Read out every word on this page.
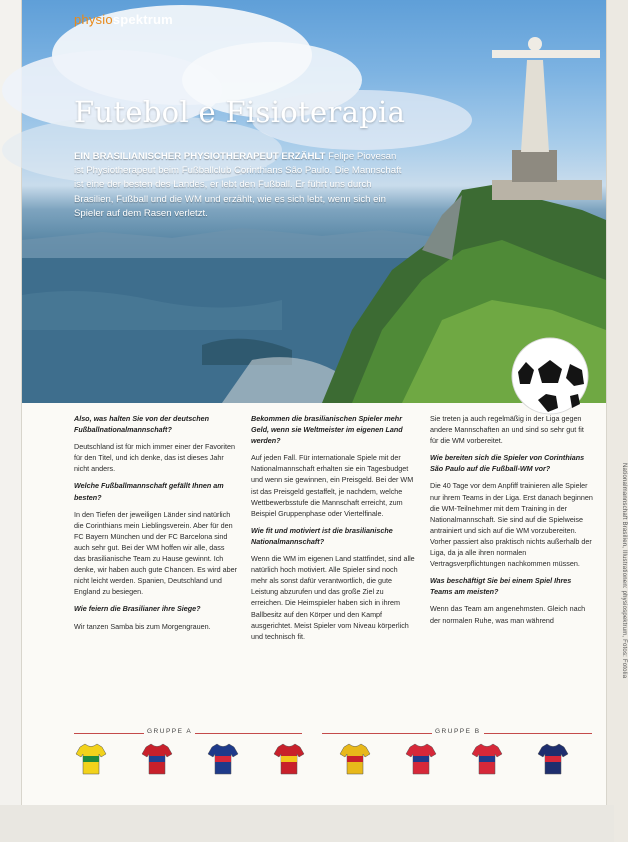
physiospektrum
Futebol e Fisioterapia
EIN BRASILIANISCHER PHYSIOTHERAPEUT ERZÄHLT Felipe Piovesan ist Physiotherapeut beim Fußballclub Corinthians São Paulo. Die Mannschaft ist eine der besten des Landes, er lebt den Fußball. Er führt uns durch Brasilien, Fußball und die WM und erzählt, wie es sich lebt, wenn sich ein Spieler auf dem Rasen verletzt.

Also, was halten Sie von der deutschen Fußballnationalmannschaft?

Deutschland ist für mich immer einer der Favoriten für den Titel, und ich denke, das ist dieses Jahr nicht anders.

Welche Fußballmannschaft gefällt Ihnen am besten?

In den Tiefen der jeweiligen Länder sind natürlich die Corinthians mein Lieblingsverein. Aber für den FC Bayern München und der FC Barcelona sind auch sehr gut. Bei der WM hoffen wir alle, dass das brasilianische Team zu Hause gewinnt. Ich denke, wir haben auch gute Chancen. Es wird aber nicht leicht werden. Spanien, Deutschland und England zu besiegen.

Wie feiern die Brasilianer ihre Siege?

Wir tanzen Samba bis zum Morgengrauen.

Bekommen die brasilianischen Spieler mehr Geld, wenn sie Weltmeister im eigenen Land werden?

Auf jeden Fall. Für internationale Spiele mit der Nationalmannschaft erhalten sie ein Tagesbudget und wenn sie gewinnen, ein Preisgeld. Bei der WM ist das Preisgeld gestaffelt, je nachdem, welche Wettbewerbsstufe die Mannschaft erreicht, zum Beispiel Gruppenphase oder Viertelfinale.

Wie fit und motiviert ist die brasilianische Nationalmannschaft?

Wenn die WM im eigenen Land stattfindet, sind alle natürlich hoch motiviert. Alle Spieler sind noch mehr als sonst dafür verantwortlich, die gute Leistung abzurufen und das große Ziel zu erreichen. Die Heimspieler haben sich in ihrem Ballbesitz auf den Körper und den Kampf ausgerichtet. Meist Spieler vom Niveau körperlich und technisch fit.

Sie treten ja auch regelmäßig in der Liga gegen andere Mannschaften an und sind so sehr gut fit für die WM vorbereitet.

Wie bereiten sich die Spieler von Corinthians São Paulo auf die Fußball-WM vor?

Die 40 Tage vor dem Anpfiff trainieren alle Spieler nur ihrem Teams in der Liga. Erst danach beginnen die WM-Teilnehmer mit dem Training in der Nationalmannschaft. Sie sind auf die Spielweise antrainiert und sich auf die WM vorzubereiten. Vorher passiert also praktisch nichts außerhalb der Liga, da ja alle ihren normalen Vertragsverpflichtungen nachkommen müssen.

Was beschäftigt Sie bei einem Spiel Ihres Teams am meisten?

Wenn das Team am angenehmsten. Gleich nach der normalen Ruhe, was man während	Nationalmannschaft Brasilien, Illustrationen: physiospektrum, Fotos: Fotolia
GRUPPE A	GRUPPE B
